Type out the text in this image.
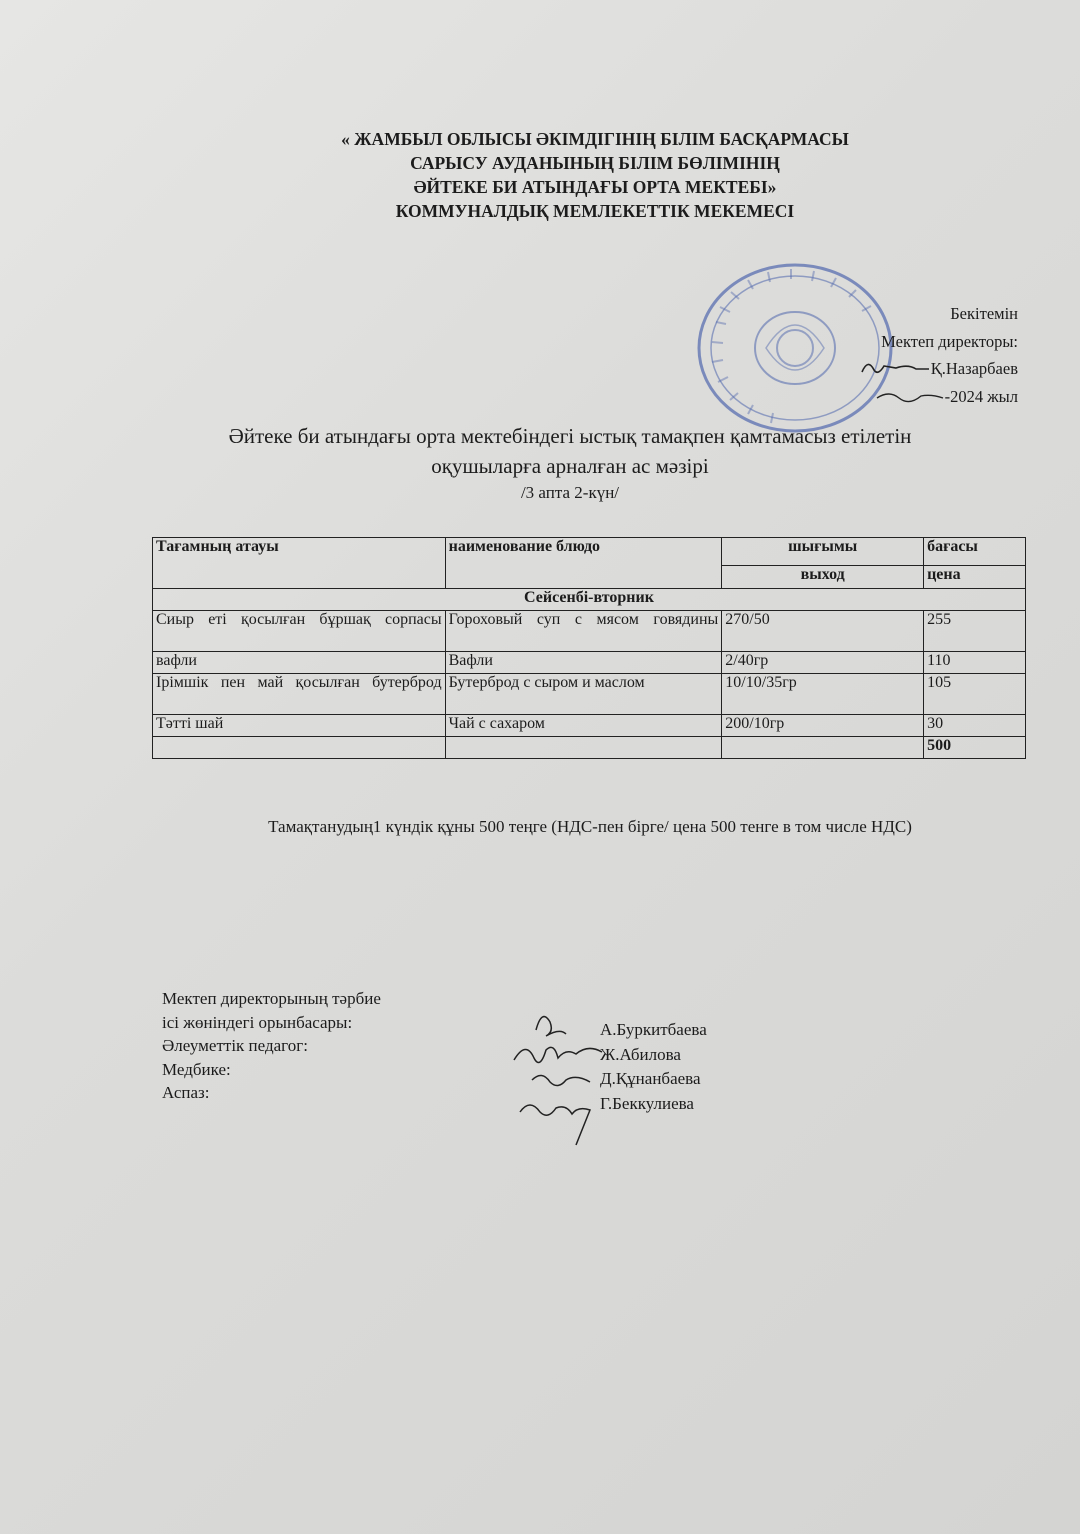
« ЖАМБЫЛ ОБЛЫСЫ ӘКІМДІГІНІҢ БІЛІМ БАСҚАРМАСЫ
САРЫСУ АУДАНЫНЫҢ БІЛІМ БӨЛІМІНІҢ
ӘЙТЕКЕ БИ АТЫНДАҒЫ ОРТА МЕКТЕБІ»
КОММУНАЛДЫҚ МЕМЛЕКЕТТІК МЕКЕМЕСІ
Бекітемін
Мектеп директоры:
Қ.Назарбаев
-2024 жыл
Әйтеке би атындағы орта мектебіндегі ыстық тамақпен қамтамасыз етілетін
оқушыларға арналған ас мәзірі
/3 апта 2-күн/
Тағамның атауы	наименование блюдо	шығымы	бағасы
		выход	цена
Сейсенбі-вторник			
Сиыр еті қосылған бұршақ сорпасы	Гороховый суп с мясом говядины	270/50	255
вафли	Вафли	2/40гр	110
Ірімшік пен май қосылған бутерброд	Бутерброд с сыром и маслом	10/10/35гр	105
Тәтті шай	Чай с сахаром	200/10гр	30
			500
Тамақтанудың1 күндік құны 500 теңге (НДС-пен бірге/ цена 500 тенге в том числе НДС)
Мектеп директорының тәрбие
ісі жөніндегі орынбасары:
Әлеуметтік педагог:
Медбике:
Аспаз:
А.Буркитбаева
Ж.Абилова
Д.Құнанбаева
Г.Беккулиева
